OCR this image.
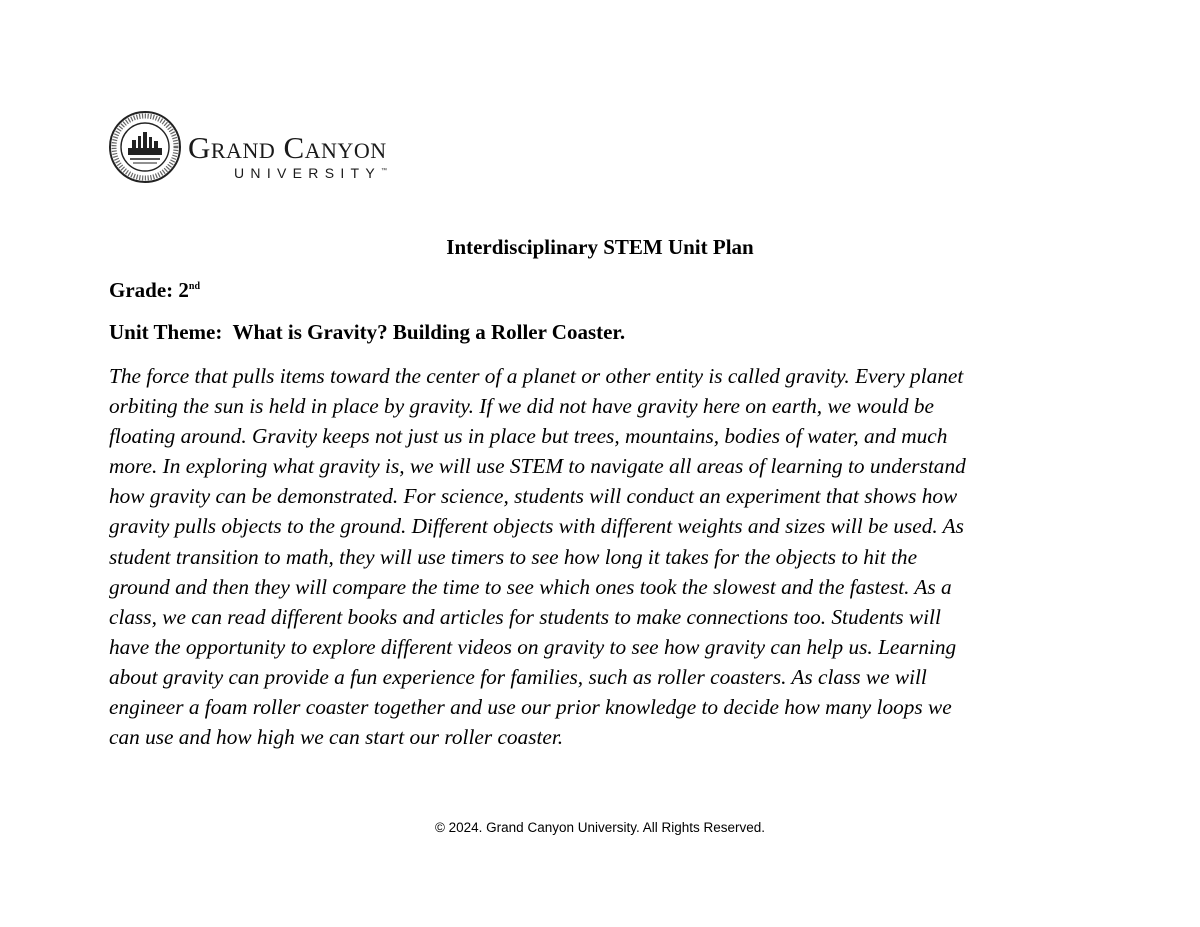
Grand Canyon
UNIVERSITY™
Interdisciplinary STEM Unit Plan
Grade: 2nd
Unit Theme:  What is Gravity? Building a Roller Coaster.
The force that pulls items toward the center of a planet or other entity is called gravity. Every planet
orbiting the sun is held in place by gravity. If we did not have gravity here on earth, we would be
floating around. Gravity keeps not just us in place but trees, mountains, bodies of water, and much
more. In exploring what gravity is, we will use STEM to navigate all areas of learning to understand
how gravity can be demonstrated. For science, students will conduct an experiment that shows how
gravity pulls objects to the ground. Different objects with different weights and sizes will be used. As
student transition to math, they will use timers to see how long it takes for the objects to hit the
ground and then they will compare the time to see which ones took the slowest and the fastest. As a
class, we can read different books and articles for students to make connections too. Students will
have the opportunity to explore different videos on gravity to see how gravity can help us. Learning
about gravity can provide a fun experience for families, such as roller coasters. As class we will
engineer a foam roller coaster together and use our prior knowledge to decide how many loops we
can use and how high we can start our roller coaster.
© 2024. Grand Canyon University. All Rights Reserved.
